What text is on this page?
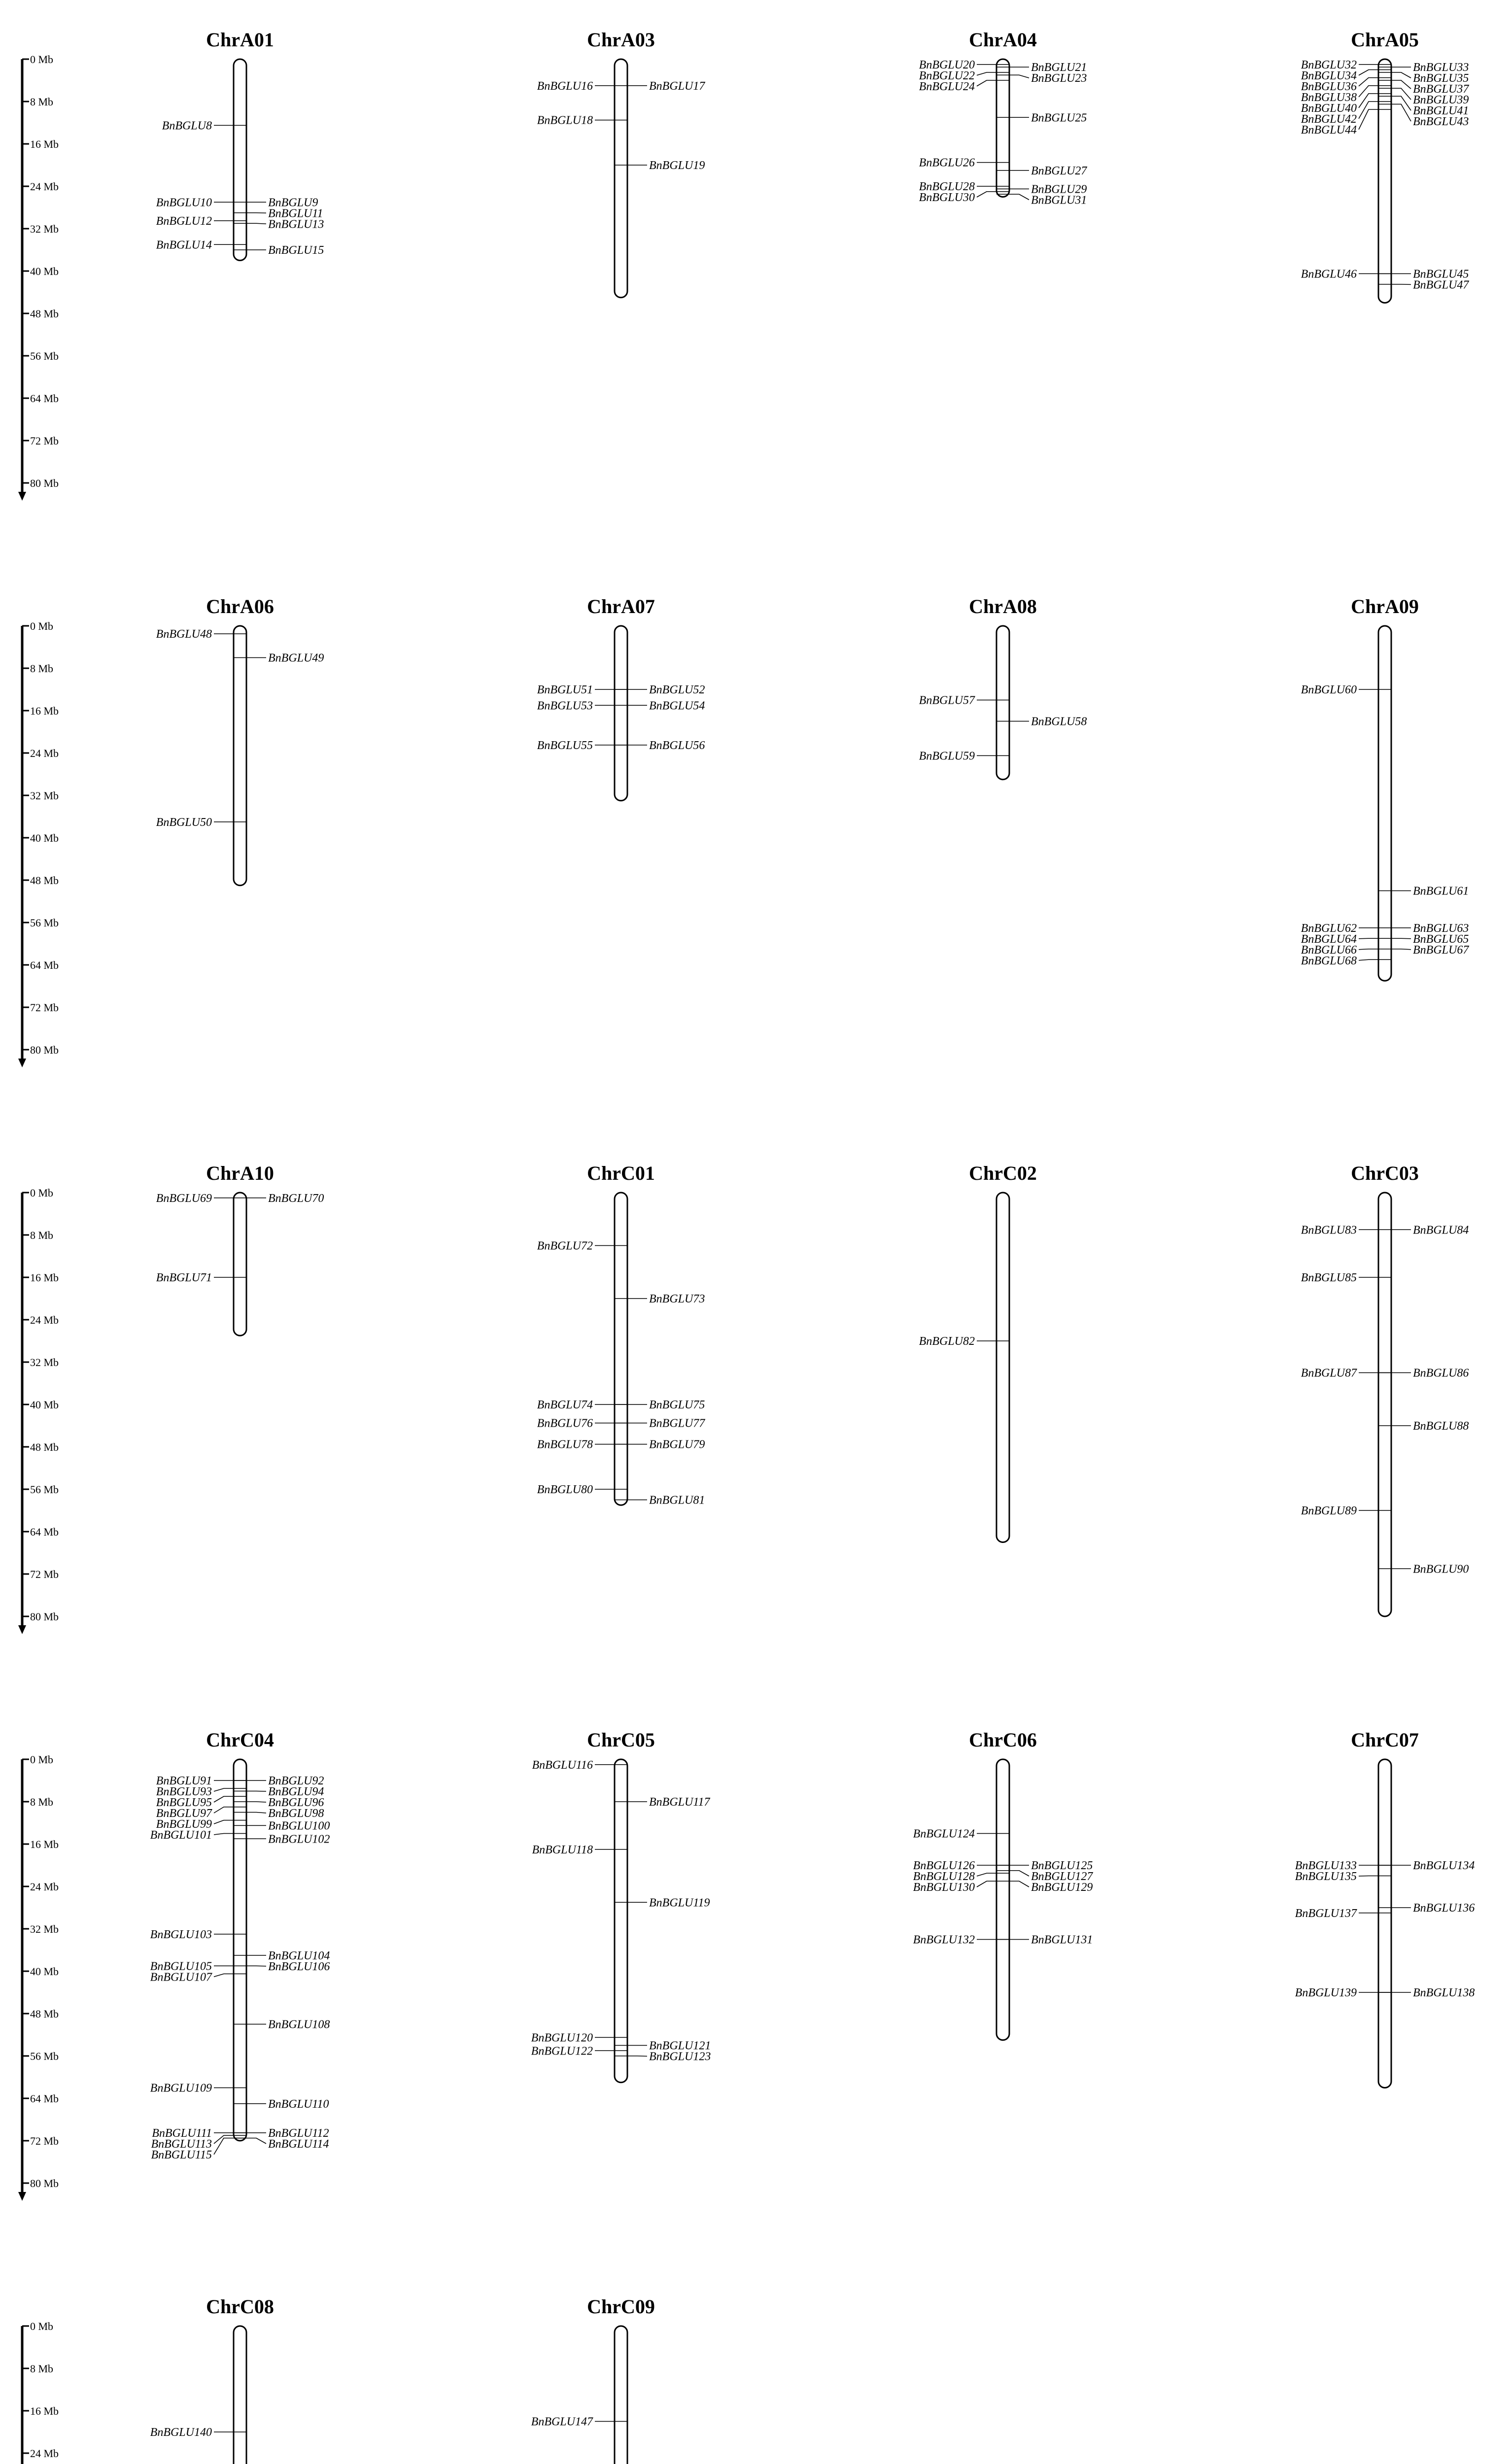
0 Mb
8 Mb
16 Mb
24 Mb
32 Mb
40 Mb
48 Mb
56 Mb
64 Mb
72 Mb
80 Mb
0 Mb
8 Mb
16 Mb
24 Mb
32 Mb
40 Mb
48 Mb
56 Mb
64 Mb
72 Mb
80 Mb
0 Mb
8 Mb
16 Mb
24 Mb
32 Mb
40 Mb
48 Mb
56 Mb
64 Mb
72 Mb
80 Mb
0 Mb
8 Mb
16 Mb
24 Mb
32 Mb
40 Mb
48 Mb
56 Mb
64 Mb
72 Mb
80 Mb
0 Mb
8 Mb
16 Mb
24 Mb
ChrA01
BnBGLU8
BnBGLU10
BnBGLU12
BnBGLU14
BnBGLU9
BnBGLU11
BnBGLU13
BnBGLU15
ChrA03
BnBGLU16
BnBGLU18
BnBGLU17
BnBGLU19
ChrA04
BnBGLU20
BnBGLU22
BnBGLU24
BnBGLU26
BnBGLU28
BnBGLU30
BnBGLU21
BnBGLU23
BnBGLU25
BnBGLU27
BnBGLU29
BnBGLU31
ChrA05
BnBGLU32
BnBGLU34
BnBGLU36
BnBGLU38
BnBGLU40
BnBGLU42
BnBGLU44
BnBGLU46
BnBGLU33
BnBGLU35
BnBGLU37
BnBGLU39
BnBGLU41
BnBGLU43
BnBGLU45
BnBGLU47
ChrA06
BnBGLU48
BnBGLU50
BnBGLU49
ChrA07
BnBGLU51
BnBGLU53
BnBGLU55
BnBGLU52
BnBGLU54
BnBGLU56
ChrA08
BnBGLU57
BnBGLU59
BnBGLU58
ChrA09
BnBGLU60
BnBGLU62
BnBGLU64
BnBGLU66
BnBGLU68
BnBGLU61
BnBGLU63
BnBGLU65
BnBGLU67
ChrA10
BnBGLU69
BnBGLU71
BnBGLU70
ChrC01
BnBGLU72
BnBGLU74
BnBGLU76
BnBGLU78
BnBGLU80
BnBGLU73
BnBGLU75
BnBGLU77
BnBGLU79
BnBGLU81
ChrC02
BnBGLU82
ChrC03
BnBGLU83
BnBGLU85
BnBGLU87
BnBGLU89
BnBGLU84
BnBGLU86
BnBGLU88
BnBGLU90
ChrC04
BnBGLU91
BnBGLU93
BnBGLU95
BnBGLU97
BnBGLU99
BnBGLU101
BnBGLU103
BnBGLU105
BnBGLU107
BnBGLU109
BnBGLU111
BnBGLU113
BnBGLU115
BnBGLU92
BnBGLU94
BnBGLU96
BnBGLU98
BnBGLU100
BnBGLU102
BnBGLU104
BnBGLU106
BnBGLU108
BnBGLU110
BnBGLU112
BnBGLU114
ChrC05
BnBGLU116
BnBGLU118
BnBGLU120
BnBGLU122
BnBGLU117
BnBGLU119
BnBGLU121
BnBGLU123
ChrC06
BnBGLU124
BnBGLU126
BnBGLU128
BnBGLU130
BnBGLU132
BnBGLU125
BnBGLU127
BnBGLU129
BnBGLU131
ChrC07
BnBGLU133
BnBGLU135
BnBGLU137
BnBGLU139
BnBGLU134
BnBGLU136
BnBGLU138
ChrC08
BnBGLU140
ChrC09
BnBGLU147
